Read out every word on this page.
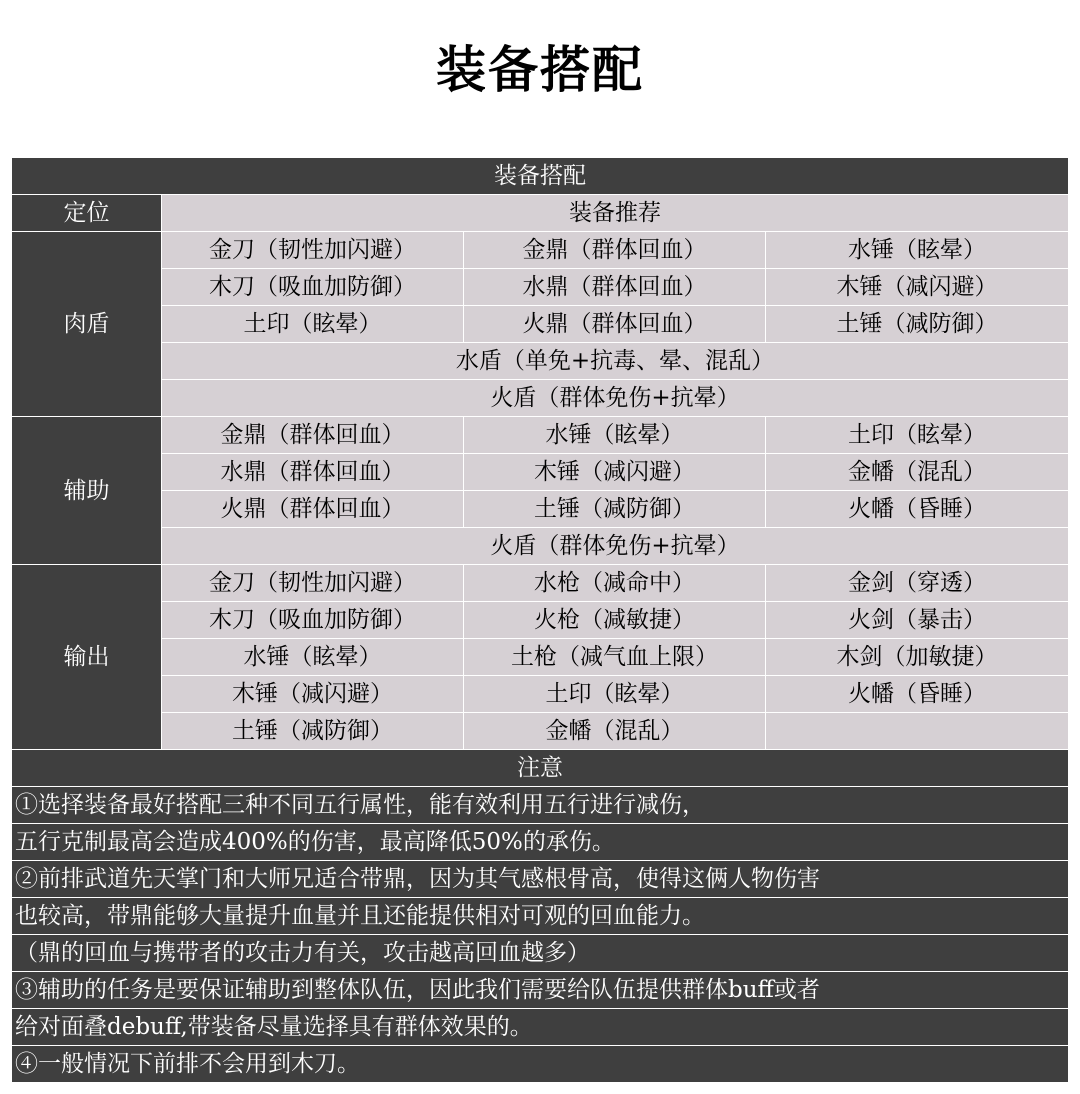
装备搭配
装备搭配			
定位	装备推荐		
肉盾	金刀（韧性加闪避）	金鼎（群体回血）	水锤（眩晕）
	木刀（吸血加防御）	水鼎（群体回血）	木锤（减闪避）
	土印（眩晕）	火鼎（群体回血）	土锤（减防御）
	水盾（单免+抗毒、晕、混乱）		
	火盾（群体免伤+抗晕）		
辅助	金鼎（群体回血）	水锤（眩晕）	土印（眩晕）
	水鼎（群体回血）	木锤（减闪避）	金幡（混乱）
	火鼎（群体回血）	土锤（减防御）	火幡（昏睡）
	火盾（群体免伤+抗晕）		
输出	金刀（韧性加闪避）	水枪（减命中）	金剑（穿透）
	木刀（吸血加防御）	火枪（减敏捷）	火剑（暴击）
	水锤（眩晕）	土枪（减气血上限）	木剑（加敏捷）
	木锤（减闪避）	土印（眩晕）	火幡（昏睡）
	土锤（减防御）	金幡（混乱）	
注意			
①选择装备最好搭配三种不同五行属性，能有效利用五行进行减伤，			
五行克制最高会造成400%的伤害，最高降低50%的承伤。			
②前排武道先天掌门和大师兄适合带鼎，因为其气感根骨高，使得这俩人物伤害			
也较高，带鼎能够大量提升血量并且还能提供相对可观的回血能力。			
（鼎的回血与携带者的攻击力有关，攻击越高回血越多）			
③辅助的任务是要保证辅助到整体队伍，因此我们需要给队伍提供群体buff或者			
给对面叠debuff,带装备尽量选择具有群体效果的。			
④一般情况下前排不会用到木刀。			
